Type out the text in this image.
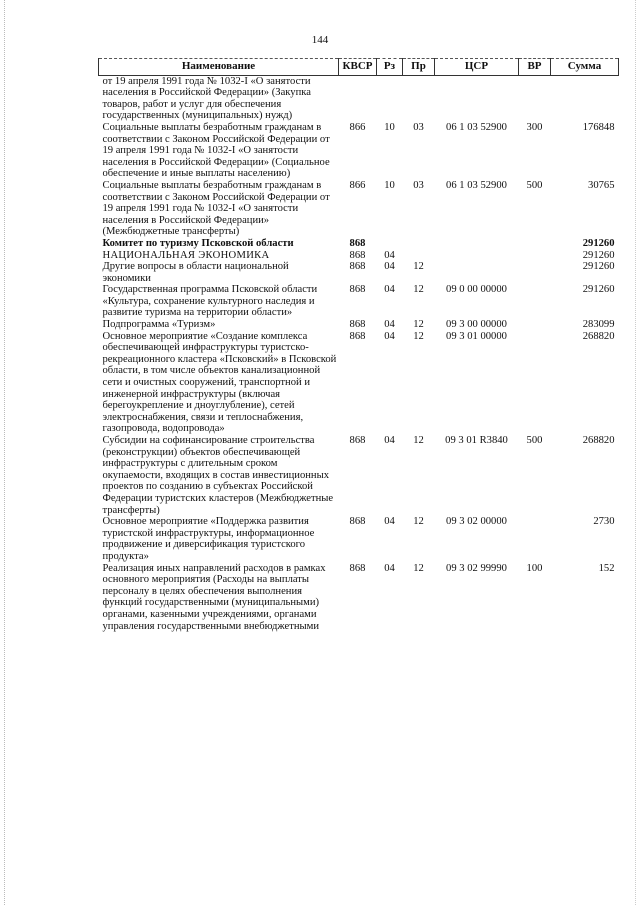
144
Наименование	КВСР	Рз	Пр	ЦСР	ВР	Сумма
от 19 апреля 1991 года № 1032-I «О занятости населения в Российской Федерации» (Закупка товаров, работ и услуг для обеспечения государственных (муниципальных) нужд)						
Социальные выплаты безработным гражданам в соответствии с Законом Российской Федерации от 19 апреля 1991 года № 1032-I «О занятости населения в Российской Федерации» (Социальное обеспечение и иные выплаты населению)	866	10	03	06 1 03 52900	300	176848
Социальные выплаты безработным гражданам в соответствии с Законом Российской Федерации от 19 апреля 1991 года № 1032-I «О занятости населения в Российской Федерации» (Межбюджетные трансферты)	866	10	03	06 1 03 52900	500	30765
Комитет по туризму Псковской области	868					291260
НАЦИОНАЛЬНАЯ ЭКОНОМИКА	868	04				291260
Другие вопросы в области национальной экономики	868	04	12			291260
Государственная программа Псковской области «Культура, сохранение культурного наследия и развитие туризма на территории области»	868	04	12	09 0 00 00000		291260
Подпрограмма «Туризм»	868	04	12	09 3 00 00000		283099
Основное мероприятие «Создание комплекса обеспечивающей инфраструктуры туристско-рекреационного кластера «Псковский» в Псковской области, в том числе объектов канализационной сети и очистных сооружений, транспортной и инженерной инфраструктуры (включая берегоукрепление и дноуглубление), сетей электроснабжения, связи и теплоснабжения, газопровода, водопровода»	868	04	12	09 3 01 00000		268820
Субсидии на софинансирование строительства (реконструкции) объектов обеспечивающей инфраструктуры с длительным сроком окупаемости, входящих в состав инвестиционных проектов по созданию в субъектах Российской Федерации туристских кластеров (Межбюджетные трансферты)	868	04	12	09 3 01 R3840	500	268820
Основное мероприятие «Поддержка развития туристской инфраструктуры, информационное продвижение и диверсификация туристского продукта»	868	04	12	09 3 02 00000		2730
Реализация иных направлений расходов в рамках основного мероприятия (Расходы на выплаты персоналу в целях обеспечения выполнения функций государственными (муниципальными) органами, казенными учреждениями, органами управления государственными внебюджетными	868	04	12	09 3 02 99990	100	152
